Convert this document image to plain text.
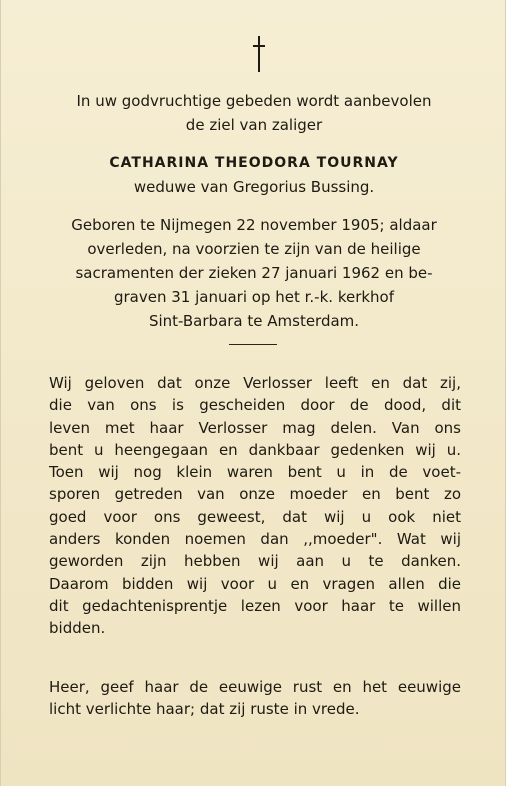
In uw godvruchtige gebeden wordt aanbevolen
de ziel van zaliger
CATHARINA THEODORA TOURNAY
weduwe van Gregorius Bussing.
Geboren te Nijmegen 22 november 1905; aldaar
overleden, na voorzien te zijn van de heilige
sacramenten der zieken 27 januari 1962 en be-
graven 31 januari op het r.-k. kerkhof
Sint-Barbara te Amsterdam.
Wij geloven dat onze Verlosser leeft en dat zij,
die van ons is gescheiden door de dood, dit
leven met haar Verlosser mag delen. Van ons
bent u heengegaan en dankbaar gedenken wij u.
Toen wij nog klein waren bent u in de voet-
sporen getreden van onze moeder en bent zo
goed voor ons geweest, dat wij u ook niet
anders konden noemen dan ,,moeder". Wat wij
geworden zijn hebben wij aan u te danken.
Daarom bidden wij voor u en vragen allen die
dit gedachtenisprentje lezen voor haar te willen
bidden.
Heer, geef haar de eeuwige rust en het eeuwige
licht verlichte haar; dat zij ruste in vrede.
